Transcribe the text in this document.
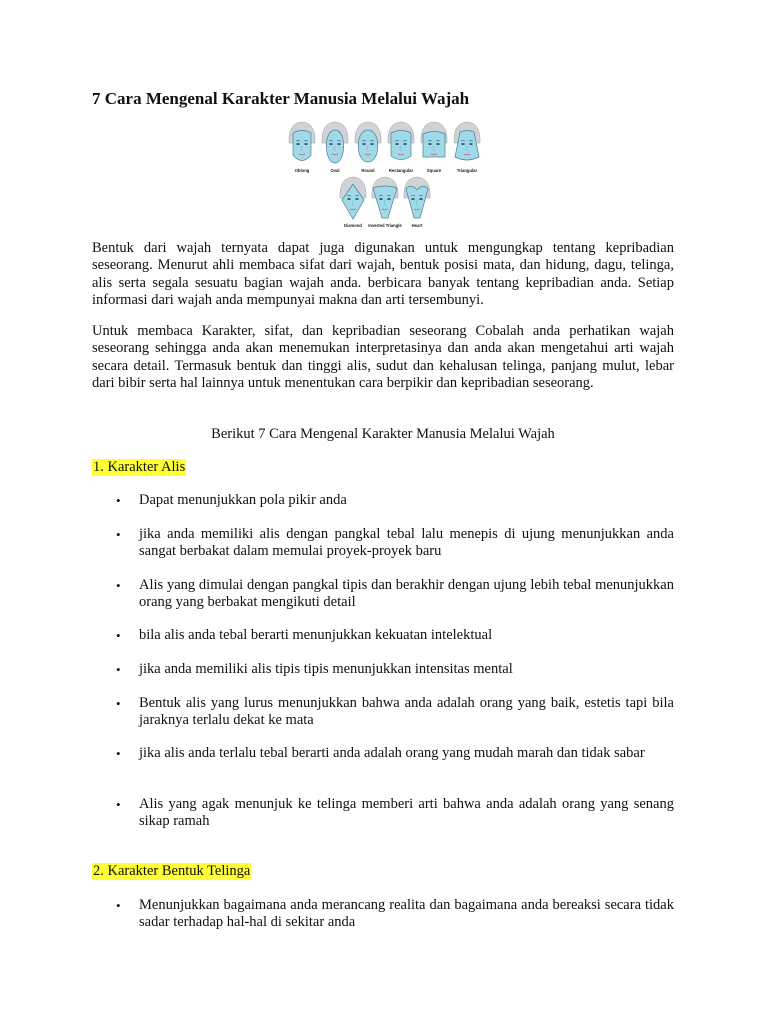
7 Cara Mengenal Karakter Manusia Melalui Wajah
Oblong	Oval	Round	Rectangular	Square	Triangular
Diamond Inverted Triangle Heart

Bentuk dari wajah ternyata dapat juga digunakan untuk mengungkap tentang kepribadian seseorang. Menurut ahli membaca sifat dari wajah, bentuk posisi mata, dan hidung, dagu, telinga, alis serta segala sesuatu bagian wajah anda. berbicara banyak tentang kepribadian anda. Setiap informasi dari wajah anda mempunyai makna dan arti tersembunyi.

Untuk membaca Karakter, sifat, dan kepribadian seseorang Cobalah anda perhatikan wajah seseorang sehingga anda akan menemukan interpretasinya dan anda akan mengetahui arti wajah secara detail. Termasuk bentuk dan tinggi alis, sudut dan kehalusan telinga, panjang mulut, lebar dari bibir serta hal lainnya untuk menentukan cara berpikir dan kepribadian seseorang.

Berikut 7 Cara Mengenal Karakter Manusia Melalui Wajah

1. Karakter Alis
• Dapat menunjukkan pola pikir anda

• jika anda memiliki alis dengan pangkal tebal lalu menepis di ujung menunjukkan anda sangat berbakat dalam memulai proyek-proyek baru

• Alis yang dimulai dengan pangkal tipis dan berakhir dengan ujung lebih tebal menunjukkan orang yang berbakat mengikuti detail

• bila alis anda tebal berarti menunjukkan kekuatan intelektual

• jika anda memiliki alis tipis tipis menunjukkan intensitas mental

• Bentuk alis yang lurus menunjukkan bahwa anda adalah orang yang baik, estetis tapi bila jaraknya terlalu dekat ke mata

• jika alis anda terlalu tebal berarti anda adalah orang yang mudah marah dan tidak sabar

• Alis yang agak menunjuk ke telinga memberi arti bahwa anda adalah orang yang senang sikap ramah

2. Karakter Bentuk Telinga
• Menunjukkan bagaimana anda merancang realita dan bagaimana anda bereaksi secara tidak sadar terhadap hal-hal di sekitar anda
